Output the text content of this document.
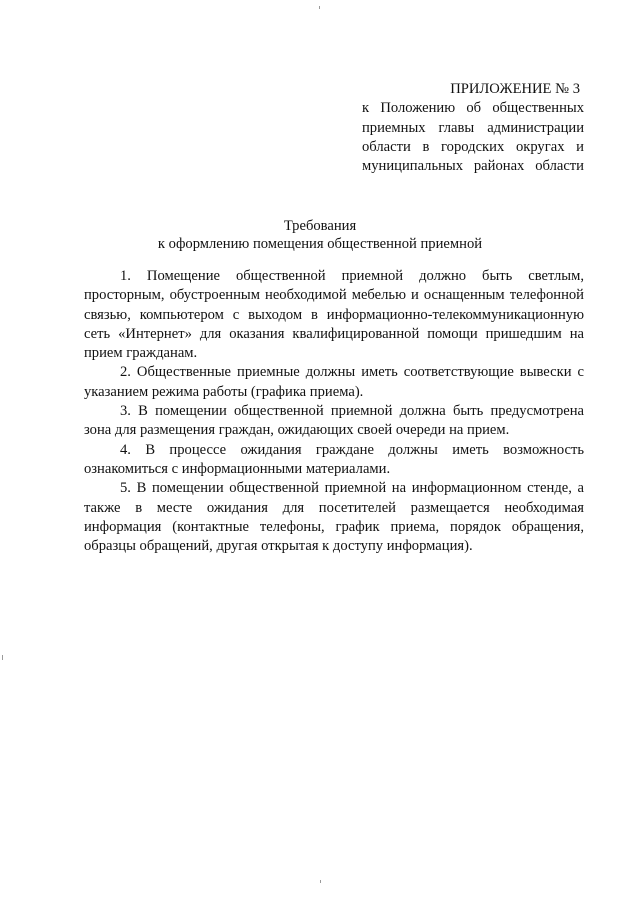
ПРИЛОЖЕНИЕ № 3

к Положению об общественных приемных главы администрации области в городских округах и муниципальных районах области

Требования
к оформлению помещения общественной приемной

1. Помещение общественной приемной должно быть светлым, просторным, обустроенным необходимой мебелью и оснащенным телефонной связью, компьютером с выходом в информационно-телекоммуникационную сеть «Интернет» для оказания квалифицированной помощи пришедшим на прием гражданам.

2. Общественные приемные должны иметь соответствующие вывески с указанием режима работы (графика приема).

3. В помещении общественной приемной должна быть предусмотрена зона для размещения граждан, ожидающих своей очереди на прием.

4. В процессе ожидания граждане должны иметь возможность ознакомиться с информационными материалами.

5. В помещении общественной приемной на информационном стенде, а также в месте ожидания для посетителей размещается необходимая информация (контактные телефоны, график приема, порядок обращения, образцы обращений, другая открытая к доступу информация).
